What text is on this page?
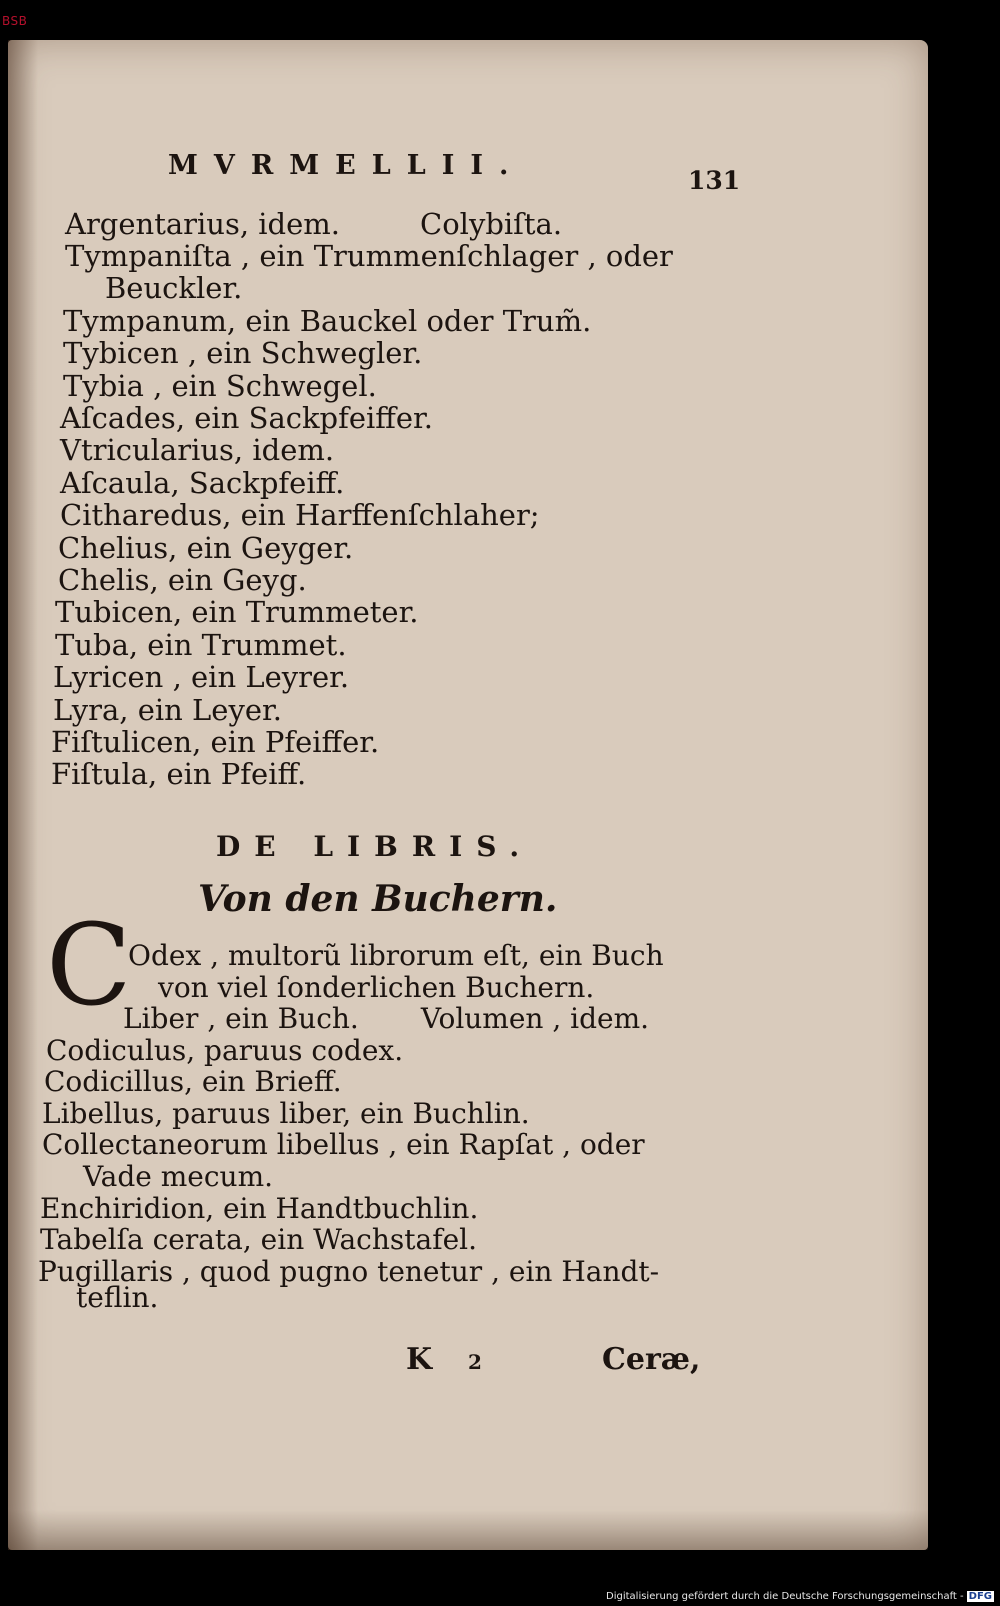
BSB
MVRMELLII.	131
Argentarius, idem.	Colybiſta.
Tympaniſta , ein Trummenſchlager , oder
Beuckler.
Tympanum, ein Bauckel oder Trum̃.
Tybicen , ein Schwegler.
Tybia , ein Schwegel.
Aſcades, ein Sackpfeiffer.
Vtricularius, idem.
Aſcaula, Sackpfeiff.
Citharedus, ein Harffenſchlaher;
Chelius, ein Geyger.
Chelis, ein Geyg.
Tubicen, ein Trummeter.
Tuba, ein Trummet.
Lyricen , ein Leyrer.
Lyra, ein Leyer.
Fiſtulicen, ein Pfeiffer.
Fiſtula, ein Pfeiff.
DE LIBRIS.
Von den Buchern.
C
Odex , multorũ librorum eſt, ein Buch
von viel ſonderlichen Buchern.
Liber , ein Buch. Volumen , idem.
Codiculus, paruus codex.
Codicillus, ein Brieff.
Libellus, paruus liber, ein Buchlin.
Collectaneorum libellus , ein Rapſat , oder
Vade mecum.
Enchiridion, ein Handtbuchlin.
Tabelſa cerata, ein Wachstafel.
Pugillaris , quod pugno tenetur , ein Handt-
teflin.
K 2	Ceræ,
Digitalisierung gefördert durch die Deutsche Forschungsgemeinschaft - DFG
